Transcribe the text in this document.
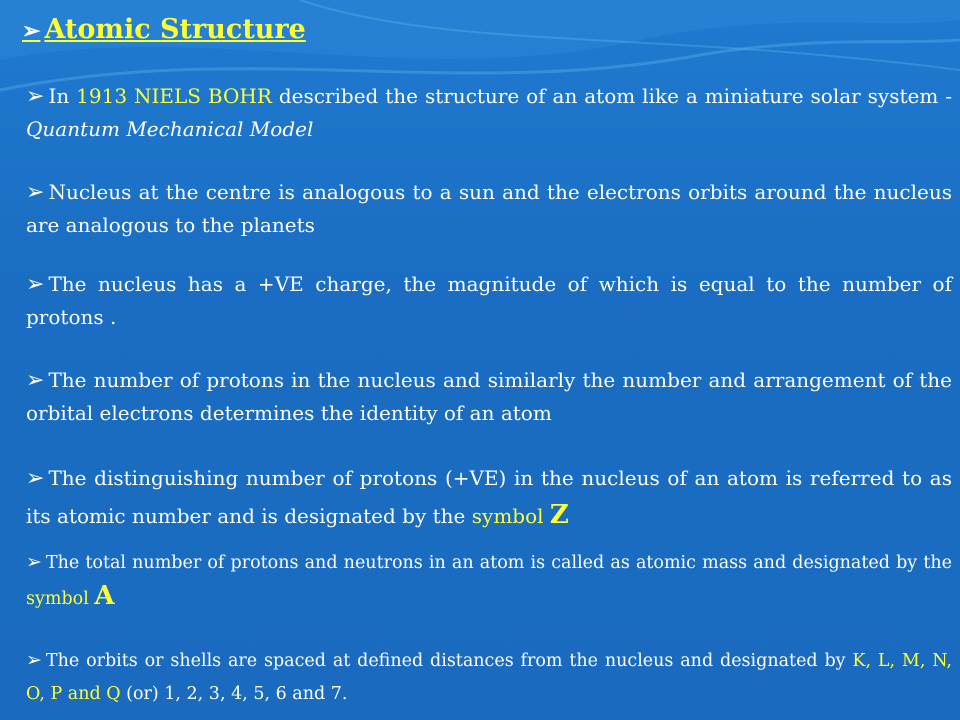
➢ Atomic Structure
➢ In 1913 NIELS BOHR described the structure of an atom like a miniature solar system - Quantum Mechanical Model
➢ Nucleus at the centre is analogous to a sun and the electrons orbits around the nucleus are analogous to the planets
➢ The nucleus has a +VE charge, the magnitude of which is equal to the number of protons .
➢ The number of protons in the nucleus and similarly the number and arrangement of the orbital electrons determines the identity of an atom
➢ The distinguishing number of protons (+VE) in the nucleus of an atom is referred to as its atomic number and is designated by the symbol Z
➢ The total number of protons and neutrons in an atom is called as atomic mass and designated by the symbol A
➢ The orbits or shells are spaced at defined distances from the nucleus and designated by K, L, M, N, O, P and Q (or) 1, 2, 3, 4, 5, 6 and 7.
